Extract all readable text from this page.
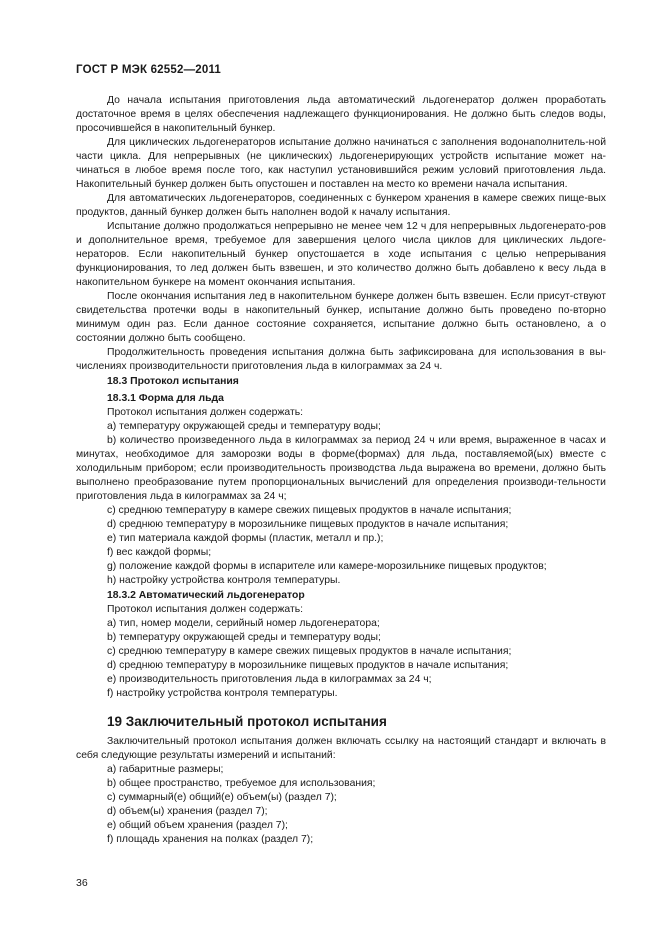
ГОСТ Р МЭК 62552—2011

До начала испытания приготовления льда автоматический льдогенератор должен проработать достаточное время в целях обеспечения надлежащего функционирования. Не должно быть следов воды, просочившейся в накопительный бункер.

Для циклических льдогенераторов испытание должно начинаться с заполнения водонаполнитель-ной части цикла. Для непрерывных (не циклических) льдогенерирующих устройств испытание может на-чинаться в любое время после того, как наступил установившийся режим условий приготовления льда. Накопительный бункер должен быть опустошен и поставлен на место ко времени начала испытания.

Для автоматических льдогенераторов, соединенных с бункером хранения в камере свежих пище-вых продуктов, данный бункер должен быть наполнен водой к началу испытания.

Испытание должно продолжаться непрерывно не менее чем 12 ч для непрерывных льдогенерато-ров и дополнительное время, требуемое для завершения целого числа циклов для циклических льдоге-нераторов. Если накопительный бункер опустошается в ходе испытания с целью непрерывания функционирования, то лед должен быть взвешен, и это количество должно быть добавлено к весу льда в накопительном бункере на момент окончания испытания.

После окончания испытания лед в накопительном бункере должен быть взвешен. Если присут-ствуют свидетельства протечки воды в накопительный бункер, испытание должно быть проведено по-вторно минимум один раз. Если данное состояние сохраняется, испытание должно быть остановлено, а о состоянии должно быть сообщено.

Продолжительность проведения испытания должна быть зафиксирована для использования в вы-числениях производительности приготовления льда в килограммах за 24 ч.

18.3 Протокол испытания
18.3.1 Форма для льда

Протокол испытания должен содержать:

a) температуру окружающей среды и температуру воды;

b) количество произведенного льда в килограммах за период 24 ч или время, выраженное в часах и минутах, необходимое для заморозки воды в форме(формах) для льда, поставляемой(ых) вместе с холодильным прибором; если производительность производства льда выражена во времени, должно быть выполнено преобразование путем пропорциональных вычислений для определения производи-тельности приготовления льда в килограммах за 24 ч;

c) среднюю температуру в камере свежих пищевых продуктов в начале испытания;

d) среднюю температуру в морозильнике пищевых продуктов в начале испытания;

e) тип материала каждой формы (пластик, металл и пр.);

f) вес каждой формы;

g) положение каждой формы в испарителе или камере-морозильнике пищевых продуктов;

h) настройку устройства контроля температуры.

18.3.2 Автоматический льдогенератор

Протокол испытания должен содержать:

a) тип, номер модели, серийный номер льдогенератора;

b) температуру окружающей среды и температуру воды;

c) среднюю температуру в камере свежих пищевых продуктов в начале испытания;

d) среднюю температуру в морозильнике пищевых продуктов в начале испытания;

e) производительность приготовления льда в килограммах за 24 ч;

f) настройку устройства контроля температуры.

19 Заключительный протокол испытания

Заключительный протокол испытания должен включать ссылку на настоящий стандарт и включать в себя следующие результаты измерений и испытаний:

a) габаритные размеры;

b) общее пространство, требуемое для использования;

c) суммарный(е) общий(е) объем(ы) (раздел 7);

d) объем(ы) хранения (раздел 7);

e) общий объем хранения (раздел 7);

f) площадь хранения на полках (раздел 7);

36
